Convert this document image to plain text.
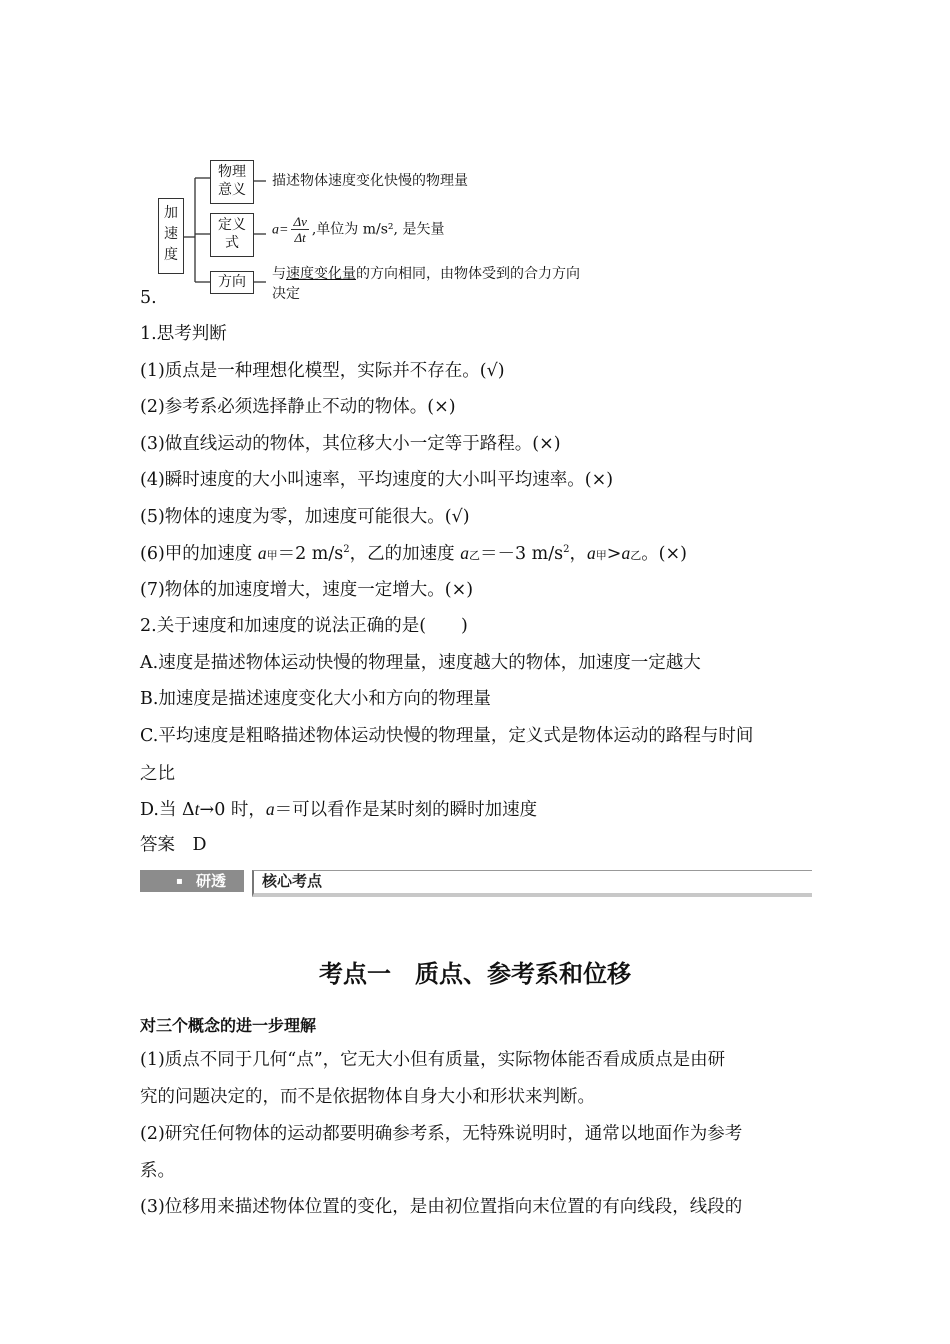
加
速
度
物理
意义
描述物体速度变化快慢的物理量
定义
式
$a= \frac{\Delta v}{\Delta t}$ ,单位为 m/s², 是矢量
方向	与速度变化量的方向相同，由物体受到的合力方向
决定
5.
1.思考判断
(1)质点是一种理想化模型，实际并不存在。(√)
(2)参考系必须选择静止不动的物体。(×)
(3)做直线运动的物体，其位移大小一定等于路程。(×)
(4)瞬时速度的大小叫速率，平均速度的大小叫平均速率。(×)
(5)物体的速度为零，加速度可能很大。(√)
(6)甲的加速度 a甲＝2 $m/s^2$，乙的加速度 a乙＝－3 $m/s^2$，a甲>a乙。(×)
(7)物体的加速度增大，速度一定增大。(×)
2.关于速度和加速度的说法正确的是(　　)
A.速度是描述物体运动快慢的物理量，速度越大的物体，加速度一定越大
B.加速度是描述速度变化大小和方向的物理量
C.平均速度是粗略描述物体运动快慢的物理量，定义式是物体运动的路程与时间
之比
D.当 Δt→0 时，a＝可以看作是某时刻的瞬时加速度
答案　D
▪ 研透	核心考点
考点一　质点、参考系和位移
对三个概念的进一步理解
(1)质点不同于几何“点”，它无大小但有质量，实际物体能否看成质点是由研
究的问题决定的，而不是依据物体自身大小和形状来判断。
(2)研究任何物体的运动都要明确参考系，无特殊说明时，通常以地面作为参考
系。
(3)位移用来描述物体位置的变化，是由初位置指向末位置的有向线段，线段的
